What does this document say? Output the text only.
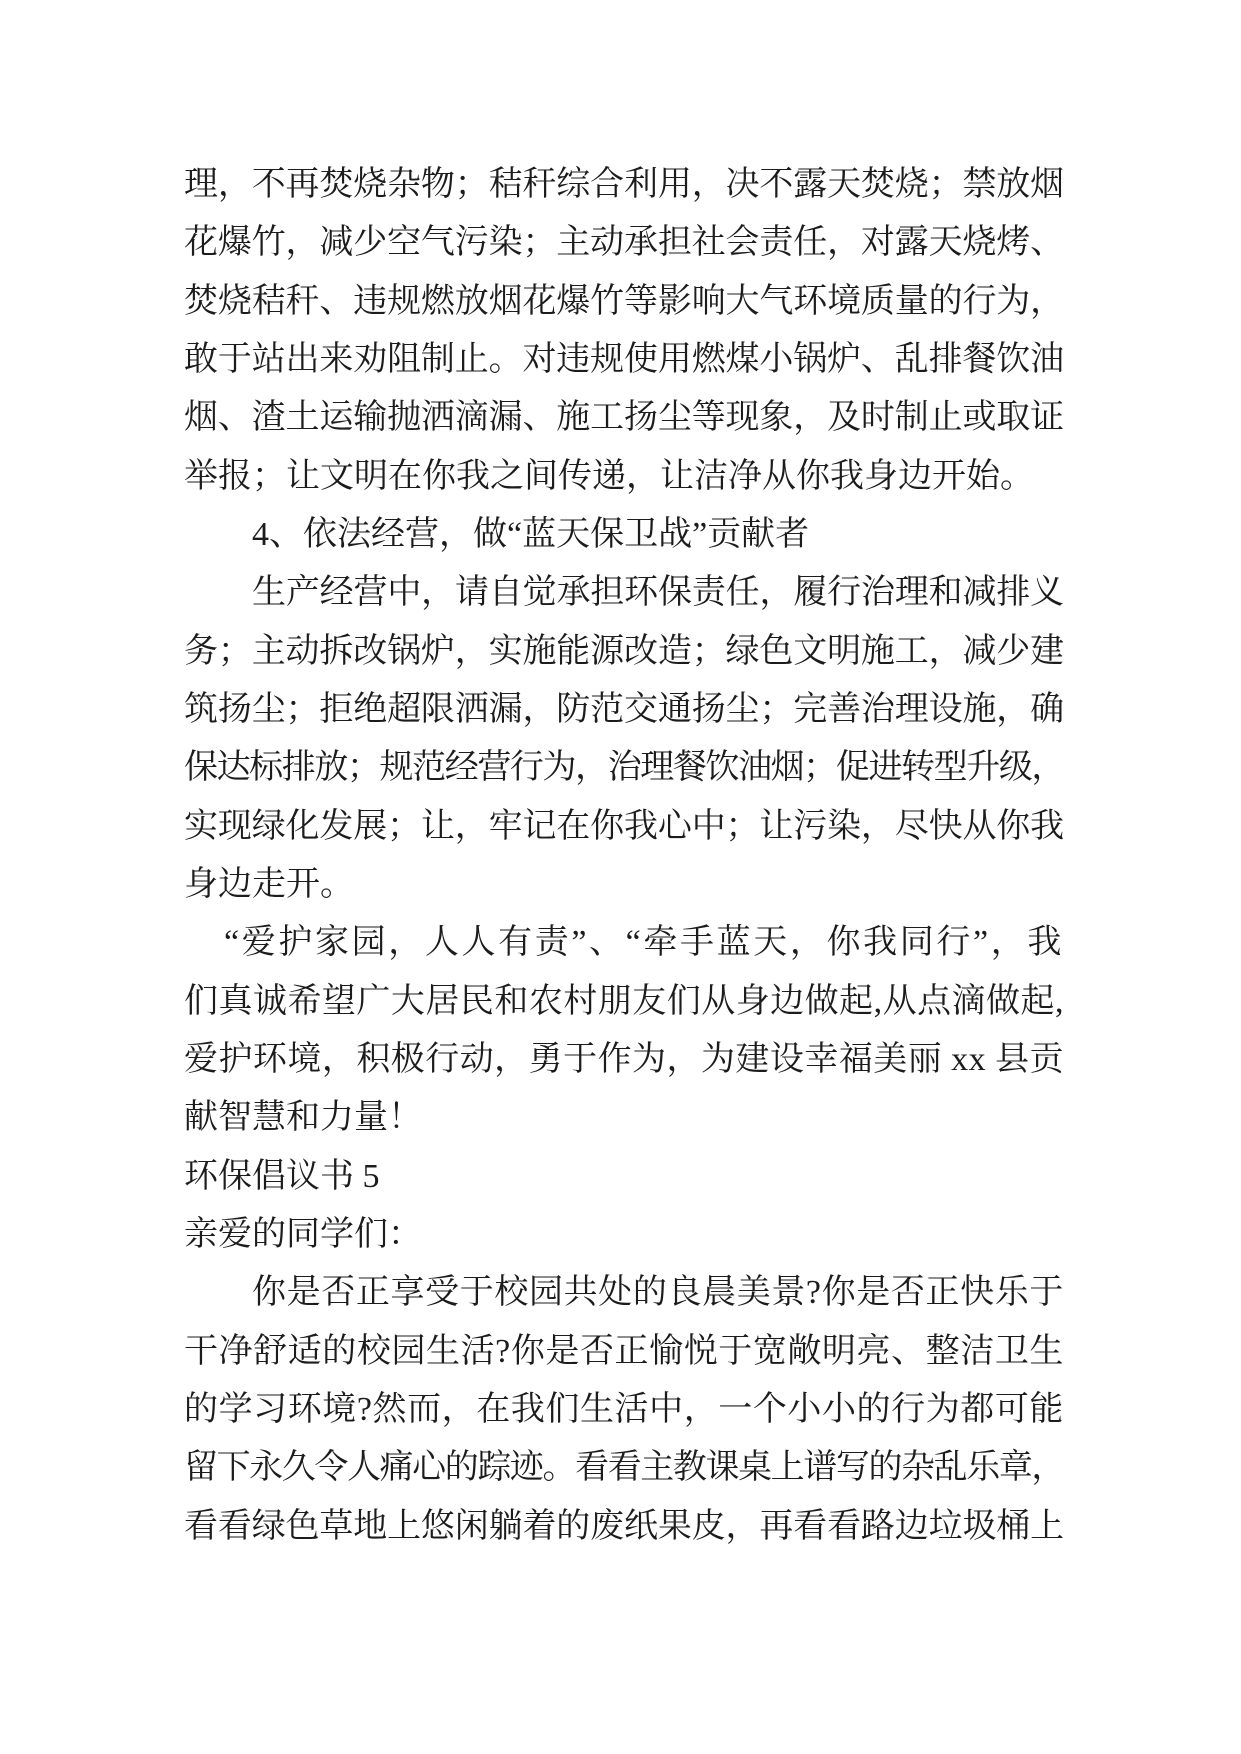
理，不再焚烧杂物；秸秆综合利用，决不露天焚烧；禁放烟
花爆竹，减少空气污染；主动承担社会责任，对露天烧烤、
焚烧秸秆、违规燃放烟花爆竹等影响大气环境质量的行为，
敢于站出来劝阻制止。对违规使用燃煤小锅炉、乱排餐饮油
烟、渣土运输抛洒滴漏、施工扬尘等现象，及时制止或取证
举报；让文明在你我之间传递，让洁净从你我身边开始。
4、依法经营，做“蓝天保卫战”贡献者
生产经营中，请自觉承担环保责任，履行治理和减排义
务；主动拆改锅炉，实施能源改造；绿色文明施工，减少建
筑扬尘；拒绝超限洒漏，防范交通扬尘；完善治理设施，确
保达标排放；规范经营行为，治理餐饮油烟；促进转型升级，
实现绿化发展；让，牢记在你我心中；让污染，尽快从你我
身边走开。
“爱护家园，人人有责”、“牵手蓝天，你我同行”，我
们真诚希望广大居民和农村朋友们从身边做起,从点滴做起,
爱护环境，积极行动，勇于作为，为建设幸福美丽 xx 县贡
献智慧和力量！
环保倡议书 5
亲爱的同学们：
你是否正享受于校园共处的良晨美景?你是否正快乐于
干净舒适的校园生活?你是否正愉悦于宽敞明亮、整洁卫生
的学习环境?然而，在我们生活中，一个小小的行为都可能
留下永久令人痛心的踪迹。看看主教课桌上谱写的杂乱乐章，
看看绿色草地上悠闲躺着的废纸果皮，再看看路边垃圾桶上
